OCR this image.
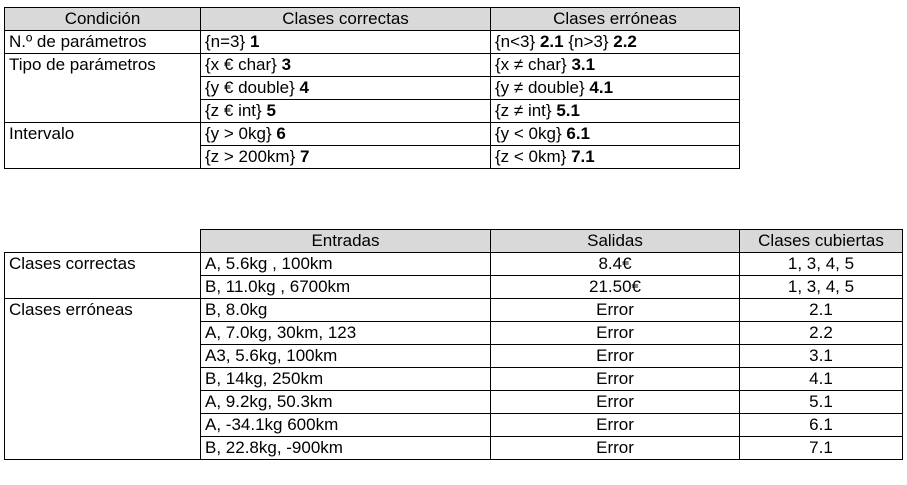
Condición	Clases correctas	Clases erróneas
N.º de parámetros	{n=3} 1	{n<3} 2.1 {n>3} 2.2
Tipo de parámetros	{x € char} 3	{x ≠ char} 3.1
	{y € double} 4	{y ≠ double} 4.1
	{z € int} 5	{z ≠ int} 5.1
Intervalo	{y > 0kg} 6	{y < 0kg} 6.1
	{z > 200km} 7	{z < 0km} 7.1
	Entradas	Salidas	Clases cubiertas
Clases correctas	A, 5.6kg , 100km	8.4€	1, 3, 4, 5
	B, 11.0kg , 6700km	21.50€	1, 3, 4, 5
Clases erróneas	B, 8.0kg	Error	2.1
	A, 7.0kg, 30km, 123	Error	2.2
	A3, 5.6kg, 100km	Error	3.1
	B, 14kg, 250km	Error	4.1
	A, 9.2kg, 50.3km	Error	5.1
	A, -34.1kg 600km	Error	6.1
	B, 22.8kg, -900km	Error	7.1
